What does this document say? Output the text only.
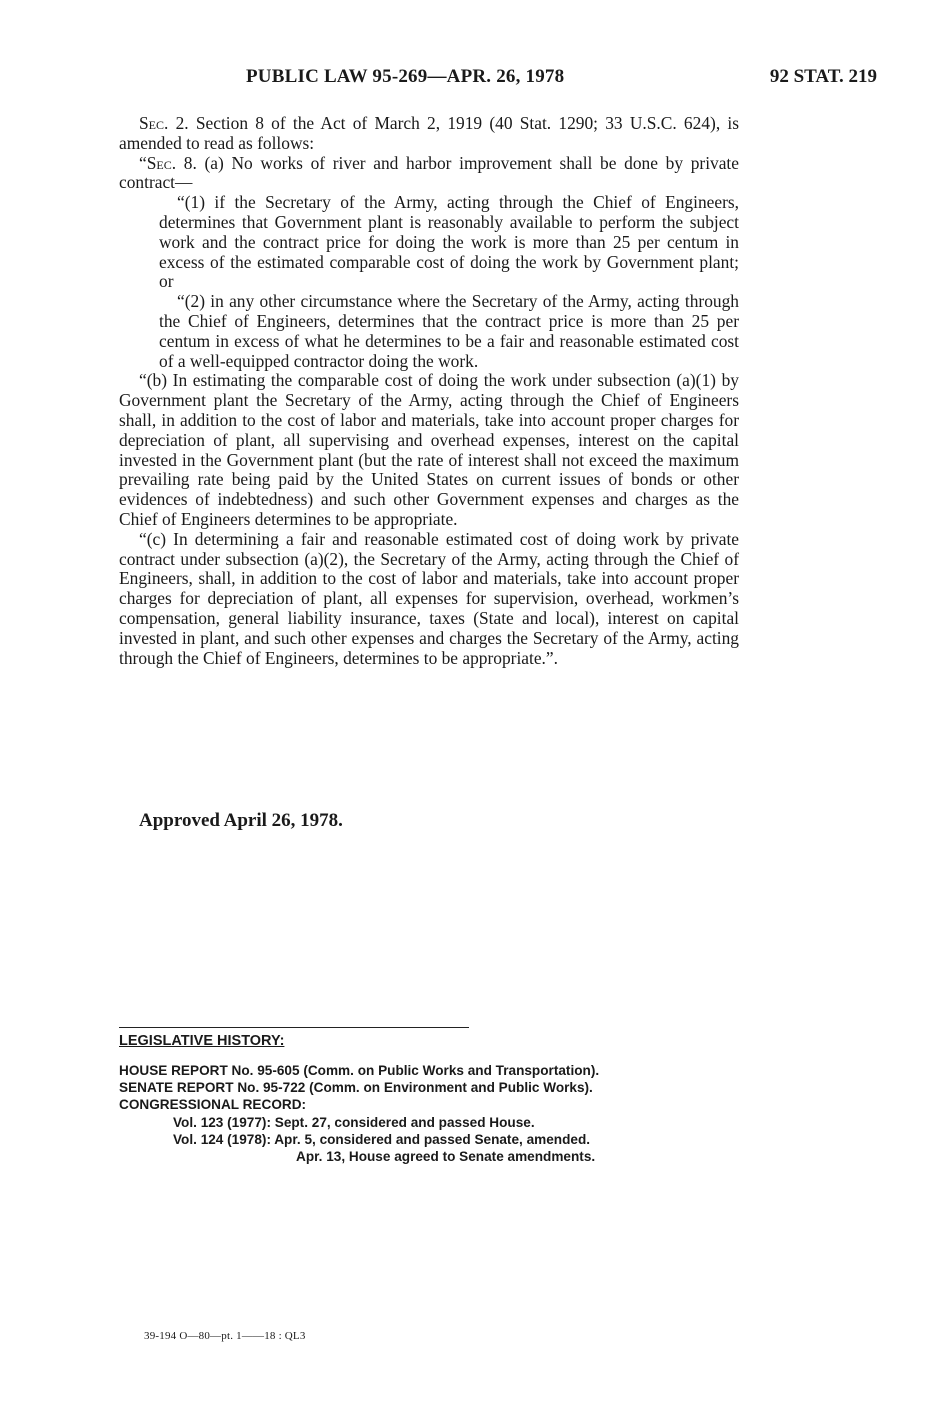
PUBLIC LAW 95-269—APR. 26, 1978	92 STAT. 219

Sec. 2. Section 8 of the Act of March 2, 1919 (40 Stat. 1290; 33 U.S.C. 624), is amended to read as follows:

“Sec. 8. (a) No works of river and harbor improvement shall be done by private contract—

“(1) if the Secretary of the Army, acting through the Chief of Engineers, determines that Government plant is reasonably available to perform the subject work and the contract price for doing the work is more than 25 per centum in excess of the estimated comparable cost of doing the work by Government plant; or

“(2) in any other circumstance where the Secretary of the Army, acting through the Chief of Engineers, determines that the contract price is more than 25 per centum in excess of what he determines to be a fair and reasonable estimated cost of a well-equipped contractor doing the work.

“(b) In estimating the comparable cost of doing the work under subsection (a)(1) by Government plant the Secretary of the Army, acting through the Chief of Engineers shall, in addition to the cost of labor and materials, take into account proper charges for depreciation of plant, all supervising and overhead expenses, interest on the capital invested in the Government plant (but the rate of interest shall not exceed the maximum prevailing rate being paid by the United States on current issues of bonds or other evidences of indebtedness) and such other Government expenses and charges as the Chief of Engineers determines to be appropriate.

“(c) In determining a fair and reasonable estimated cost of doing work by private contract under subsection (a)(2), the Secretary of the Army, acting through the Chief of Engineers, shall, in addition to the cost of labor and materials, take into account proper charges for depreciation of plant, all expenses for supervision, overhead, workmen’s compensation, general liability insurance, taxes (State and local), interest on capital invested in plant, and such other expenses and charges the Secretary of the Army, acting through the Chief of Engineers, determines to be appropriate.”.

Approved April 26, 1978.
LEGISLATIVE HISTORY:
HOUSE REPORT No. 95-605 (Comm. on Public Works and Transportation).
SENATE REPORT No. 95-722 (Comm. on Environment and Public Works).
CONGRESSIONAL RECORD:
Vol. 123 (1977): Sept. 27, considered and passed House.
Vol. 124 (1978): Apr. 5, considered and passed Senate, amended.
Apr. 13, House agreed to Senate amendments.
39-194 O—80—pt. 1——18 : QL3
